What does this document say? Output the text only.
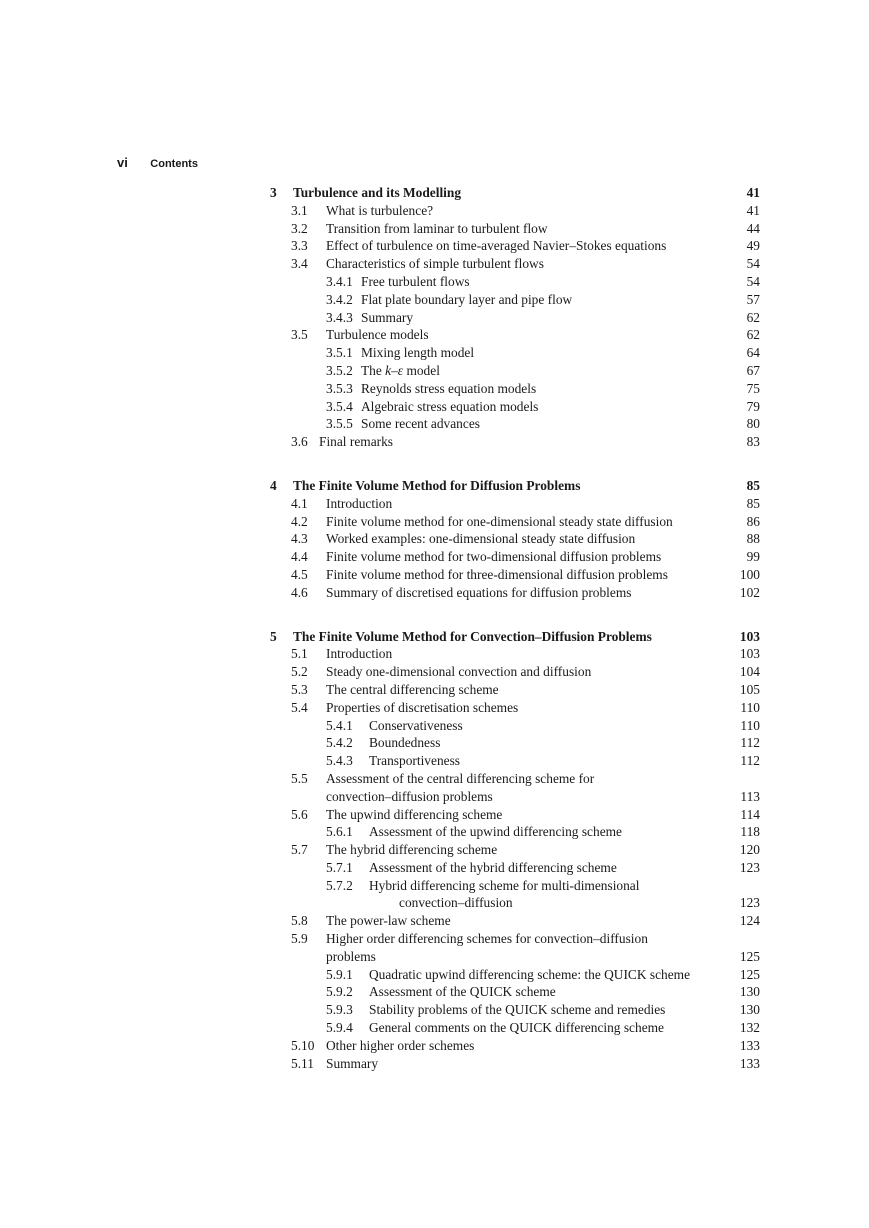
vi Contents
3 Turbulence and its Modelling	41
3.1 What is turbulence?	41
3.2 Transition from laminar to turbulent flow	44
3.3 Effect of turbulence on time-averaged Navier–Stokes equations	49
3.4 Characteristics of simple turbulent flows	54
3.4.1 Free turbulent flows	54
3.4.2 Flat plate boundary layer and pipe flow	57
3.4.3 Summary	62
3.5 Turbulence models	62
3.5.1 Mixing length model	64
3.5.2 The k–ε model	67
3.5.3 Reynolds stress equation models	75
3.5.4 Algebraic stress equation models	79
3.5.5 Some recent advances	80
3.6 Final remarks	83
4 The Finite Volume Method for Diffusion Problems	85
4.1 Introduction	85
4.2 Finite volume method for one-dimensional steady state diffusion	86
4.3 Worked examples: one-dimensional steady state diffusion	88
4.4 Finite volume method for two-dimensional diffusion problems	99
4.5 Finite volume method for three-dimensional diffusion problems	100
4.6 Summary of discretised equations for diffusion problems	102
5 The Finite Volume Method for Convection–Diffusion Problems	103
5.1 Introduction	103
5.2 Steady one-dimensional convection and diffusion	104
5.3 The central differencing scheme	105
5.4 Properties of discretisation schemes	110
5.4.1 Conservativeness	110
5.4.2 Boundedness	112
5.4.3 Transportiveness	112
5.5 Assessment of the central differencing scheme for
convection–diffusion problems	113
5.6 The upwind differencing scheme	114
5.6.1 Assessment of the upwind differencing scheme	118
5.7 The hybrid differencing scheme	120
5.7.1 Assessment of the hybrid differencing scheme	123
5.7.2 Hybrid differencing scheme for multi-dimensional
convection–diffusion	123
5.8 The power-law scheme	124
5.9 Higher order differencing schemes for convection–diffusion
problems	125
5.9.1 Quadratic upwind differencing scheme: the QUICK scheme	125
5.9.2 Assessment of the QUICK scheme	130
5.9.3 Stability problems of the QUICK scheme and remedies	130
5.9.4 General comments on the QUICK differencing scheme	132
5.10 Other higher order schemes	133
5.11 Summary	133
